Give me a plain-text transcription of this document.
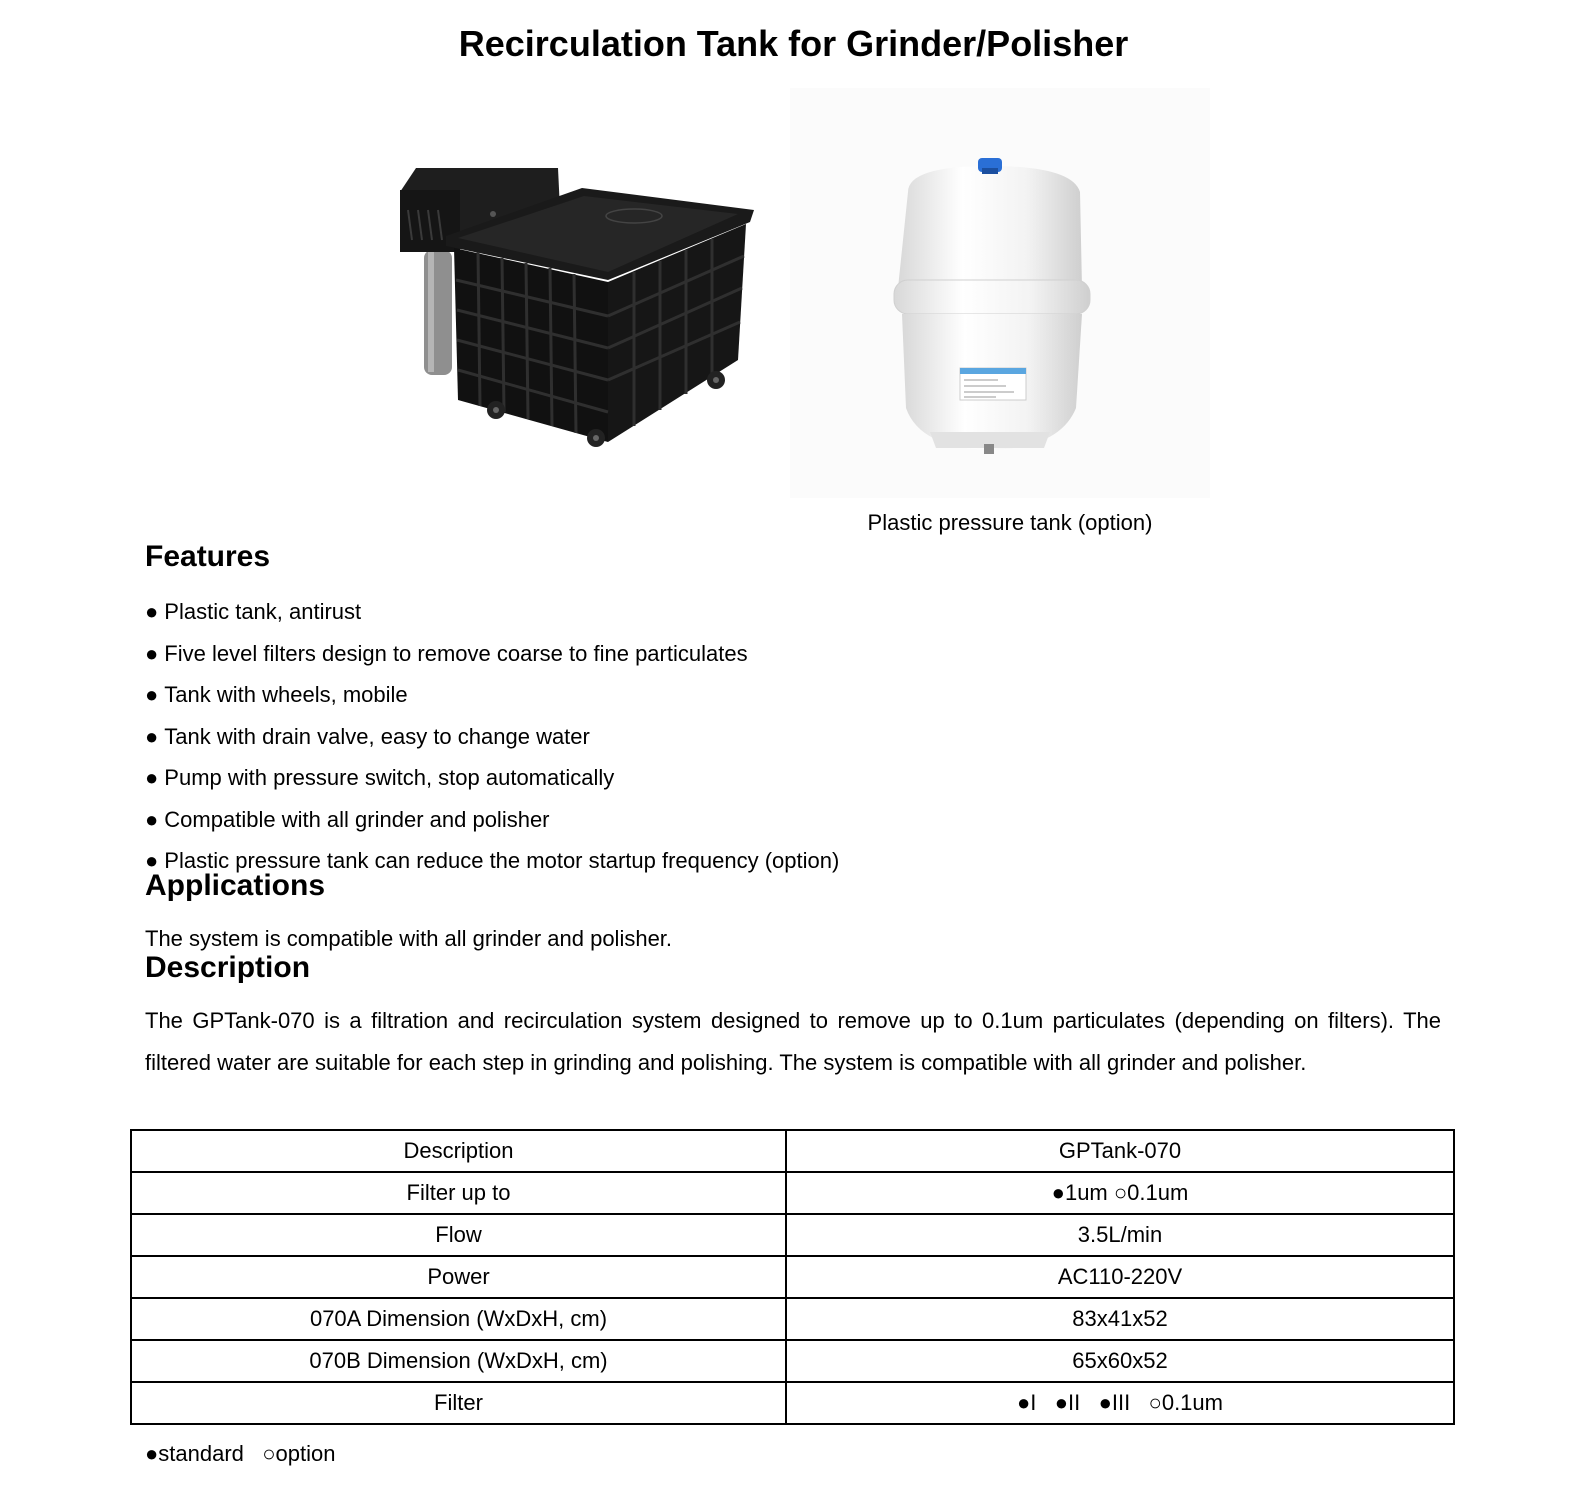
Recirculation Tank for Grinder/Polisher
Plastic pressure tank (option)
Features
● Plastic tank, antirust
● Five level filters design to remove coarse to fine particulates
● Tank with wheels, mobile
● Tank with drain valve, easy to change water
● Pump with pressure switch, stop automatically
● Compatible with all grinder and polisher
● Plastic pressure tank can reduce the motor startup frequency (option)
Applications

The system is compatible with all grinder and polisher.

Description

The GPTank-070 is a filtration and recirculation system designed to remove up to 0.1um particulates (depending on filters). The filtered water are suitable for each step in grinding and polishing. The system is compatible with all grinder and polisher.

Description	GPTank-070
Filter up to	●1um ○0.1um
Flow	3.5L/min
Power	AC110-220V
070A Dimension (WxDxH, cm)	83x41x52
070B Dimension (WxDxH, cm)	65x60x52
Filter	●I   ●II   ●III   ○0.1um
●standard   ○option
